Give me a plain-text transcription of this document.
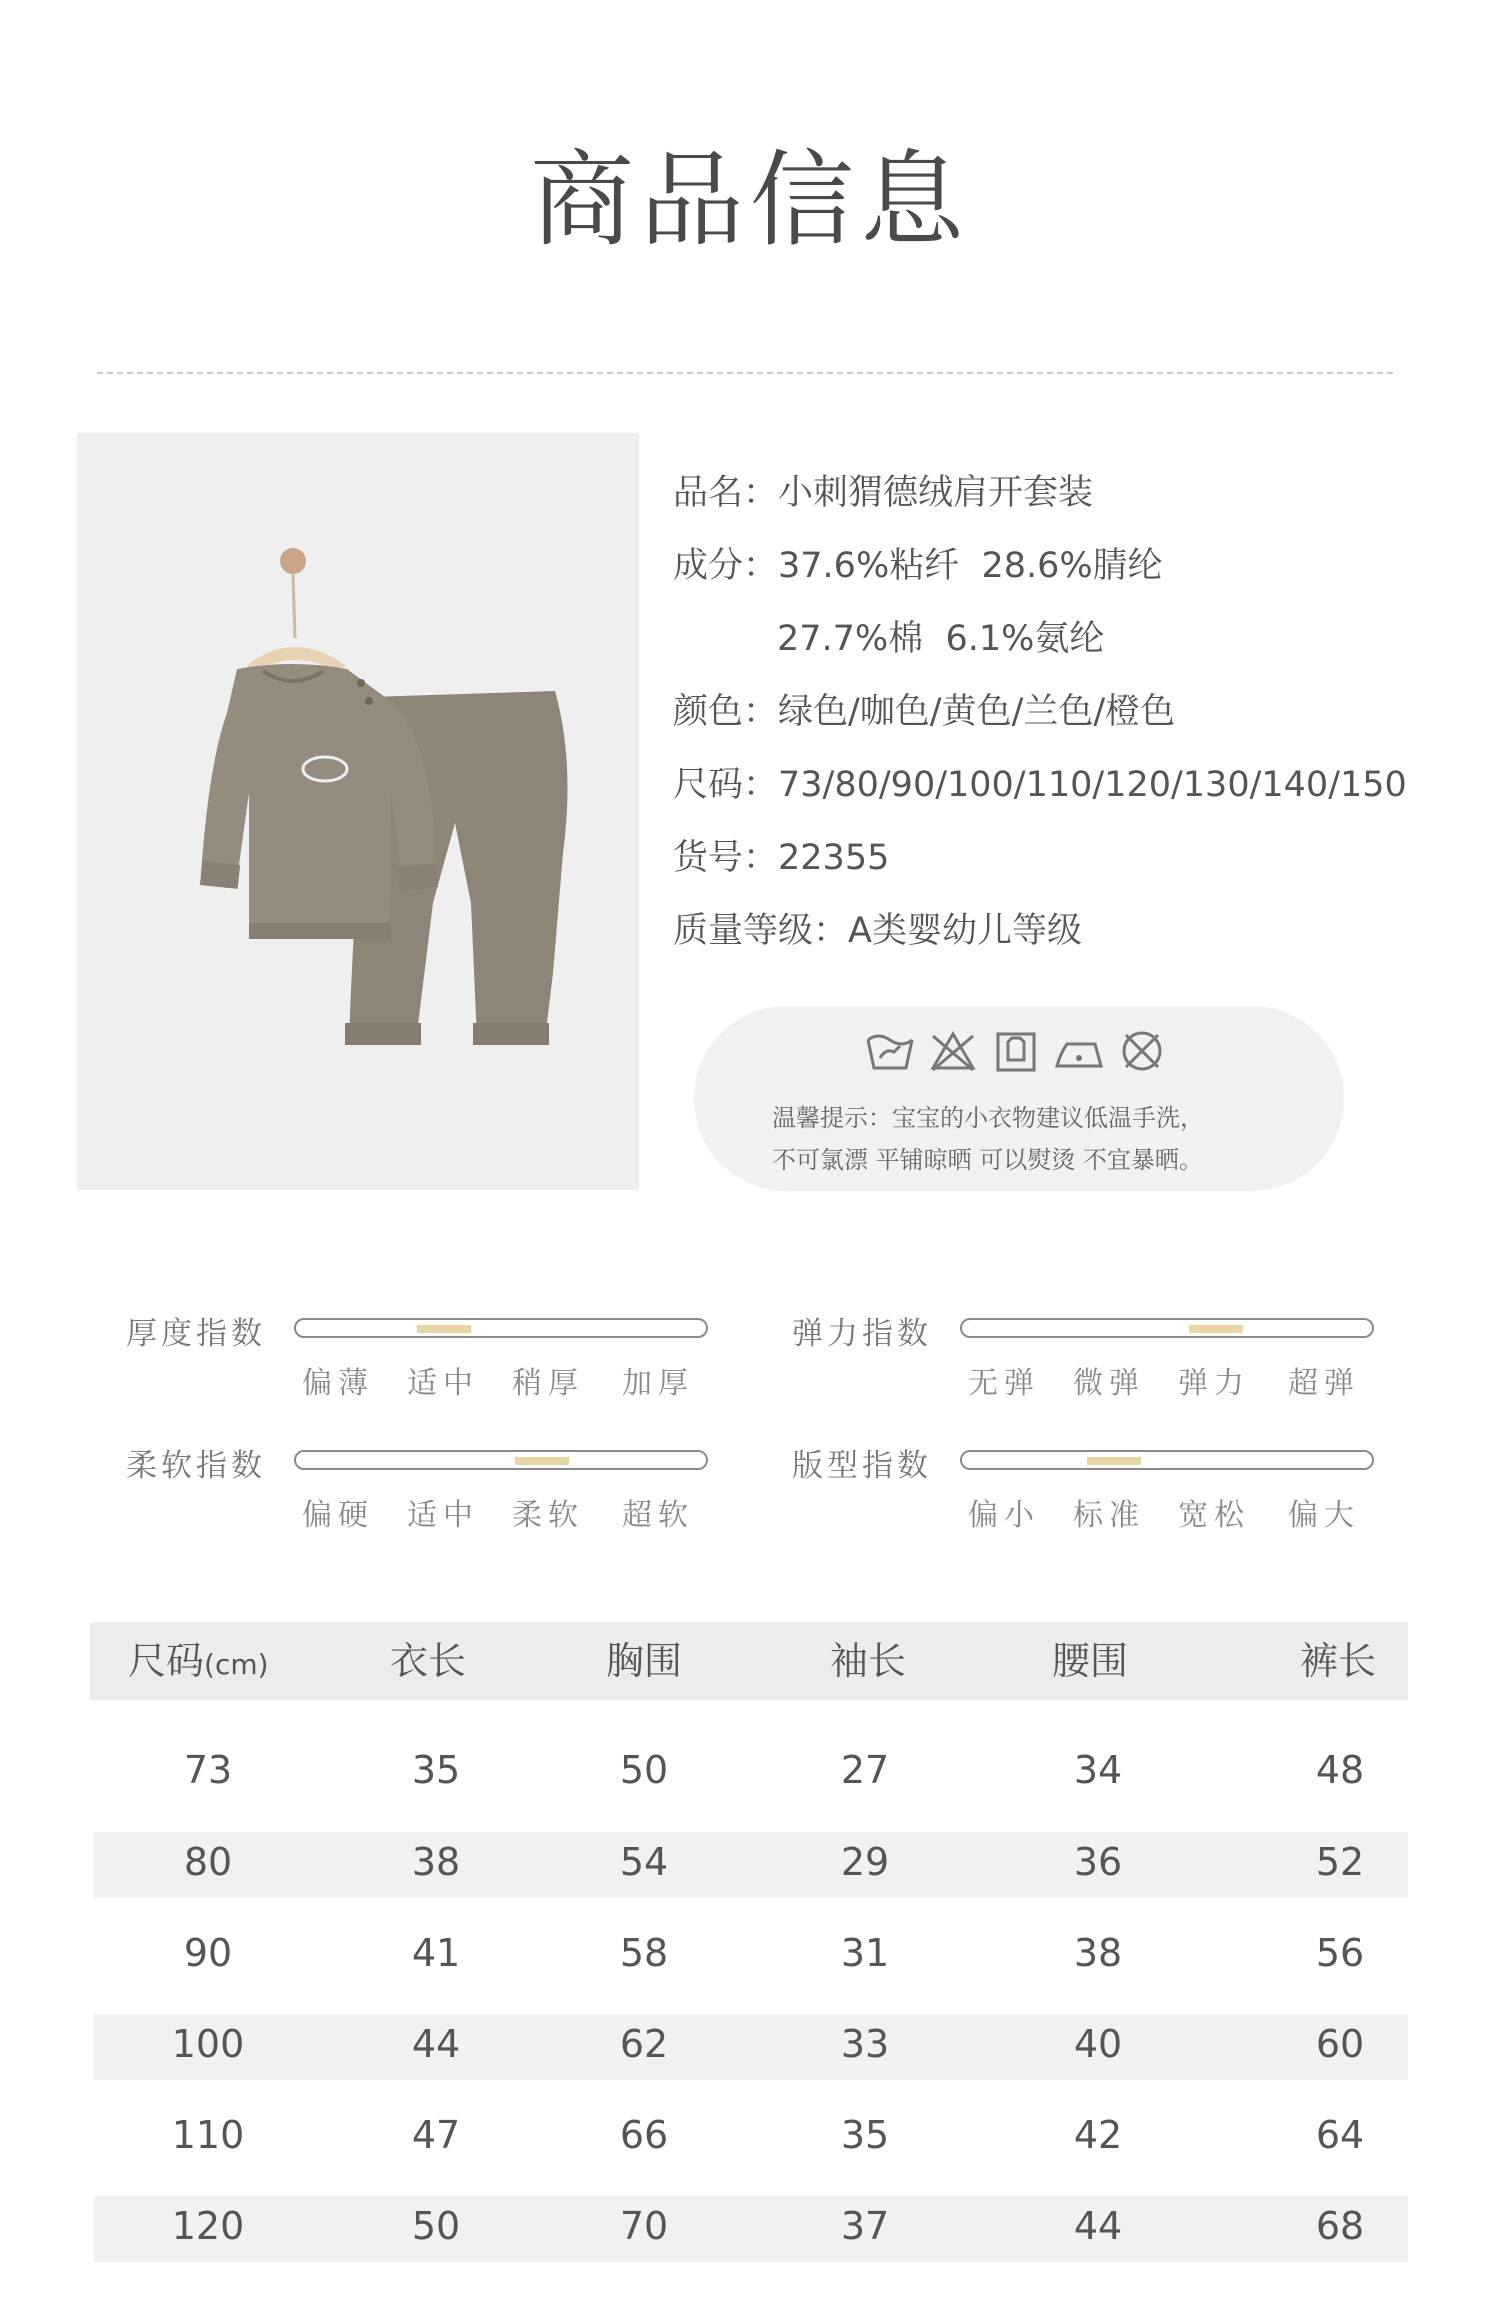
商品信息
品名：小刺猬德绒肩开套装
成分：37.6%粘纤  28.6%腈纶
27.7%棉  6.1%氨纶
颜色：绿色/咖色/黄色/兰色/橙色
尺码：73/80/90/100/110/120/130/140/150
货号：22355
质量等级：A类婴幼儿等级

温馨提示：宝宝的小衣物建议低温手洗，
不可氯漂 平铺晾晒 可以熨烫 不宜暴晒。
厚度指数
偏薄 适中 稍厚 加厚
弹力指数
无弹 微弹 弹力 超弹
柔软指数
偏硬 适中 柔软 超软
版型指数
偏小 标准 宽松 偏大
尺码(cm)	衣长	胸围	袖长	腰围	裤长
73	35	50	27	34	48
80	38	54	29	36	52
90	41	58	31	38	56
100	44	62	33	40	60
110	47	66	35	42	64
120	50	70	37	44	68
